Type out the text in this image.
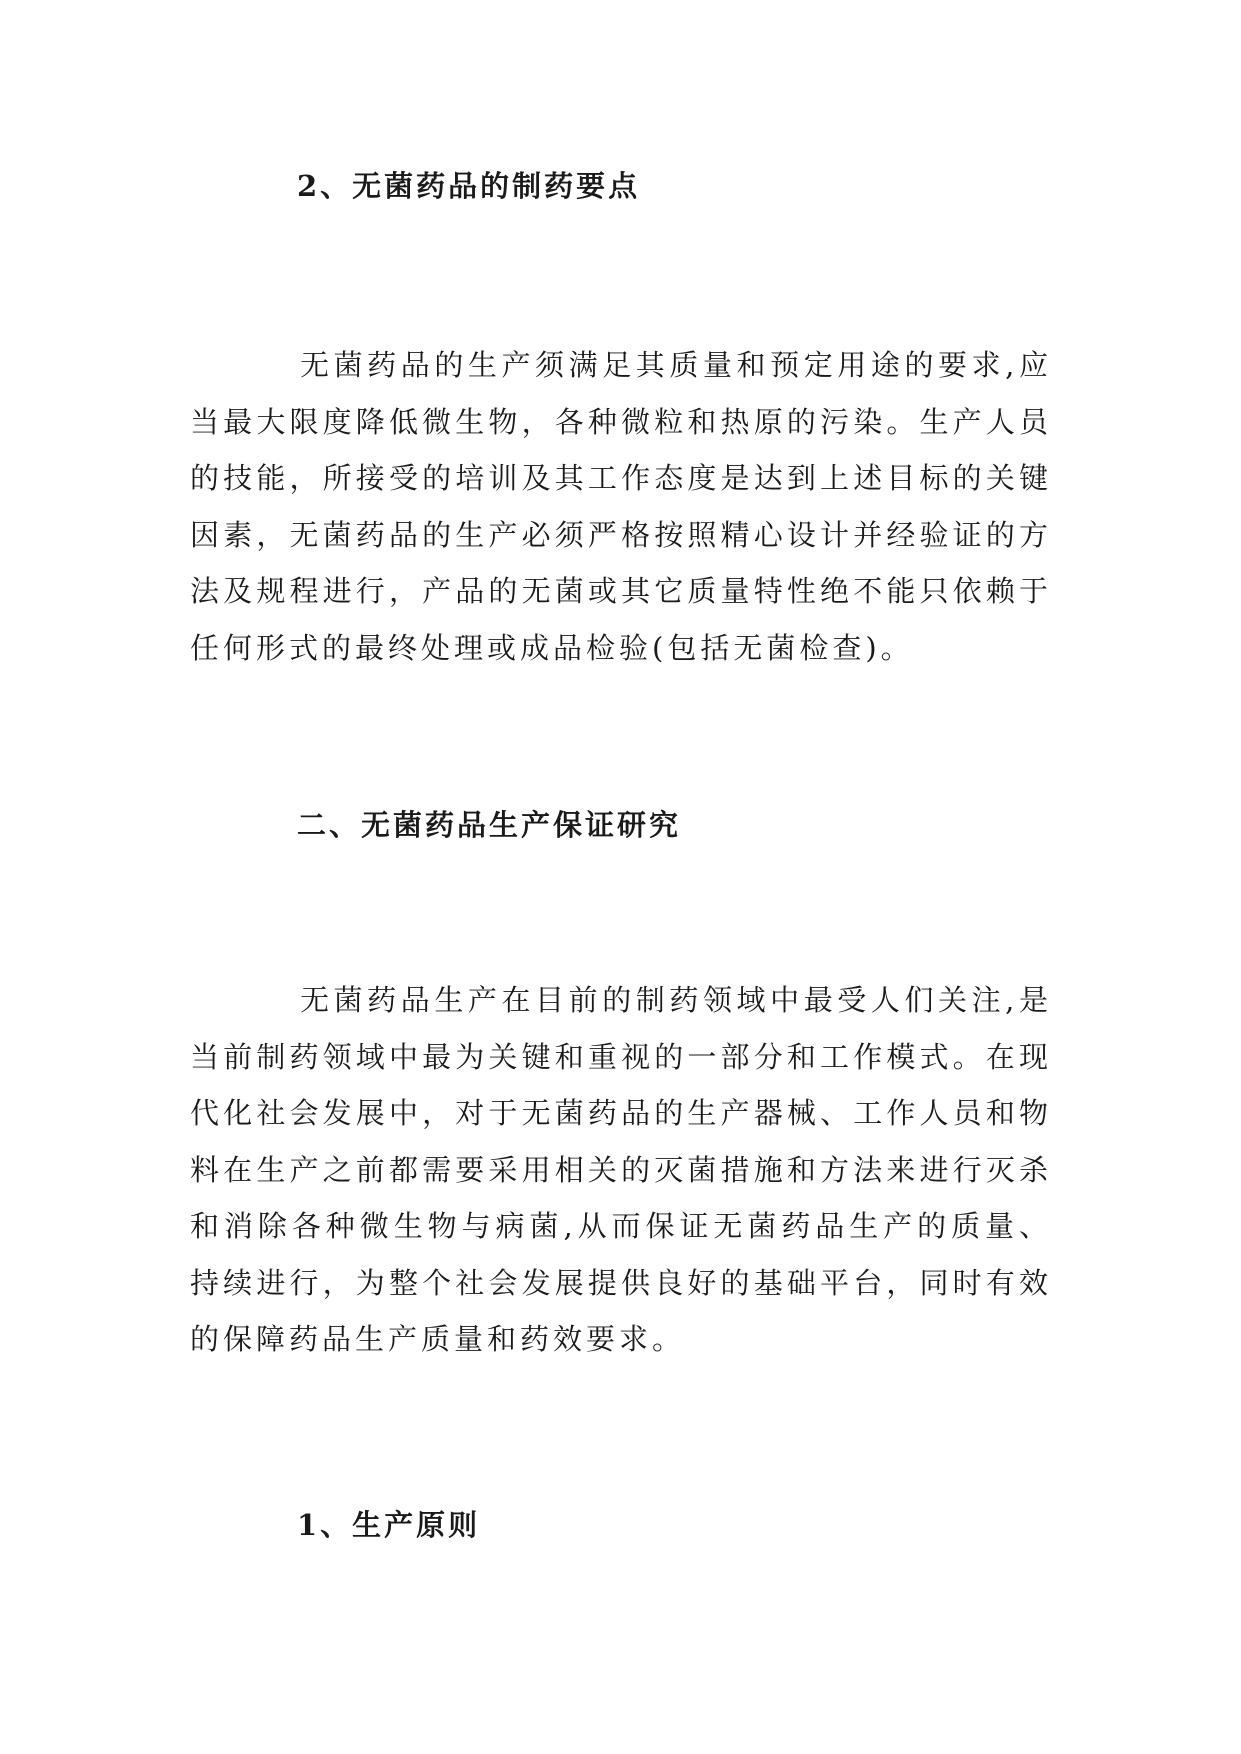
2、无菌药品的制药要点

无菌药品的生产须满足其质量和预定用途的要求,应当最大限度降低微生物，各种微粒和热原的污染。生产人员的技能，所接受的培训及其工作态度是达到上述目标的关键因素，无菌药品的生产必须严格按照精心设计并经验证的方法及规程进行，产品的无菌或其它质量特性绝不能只依赖于任何形式的最终处理或成品检验(包括无菌检查)。

二、无菌药品生产保证研究

无菌药品生产在目前的制药领域中最受人们关注,是当前制药领域中最为关键和重视的一部分和工作模式。在现代化社会发展中，对于无菌药品的生产器械、工作人员和物料在生产之前都需要采用相关的灭菌措施和方法来进行灭杀和消除各种微生物与病菌,从而保证无菌药品生产的质量、持续进行，为整个社会发展提供良好的基础平台，同时有效的保障药品生产质量和药效要求。

1、生产原则
